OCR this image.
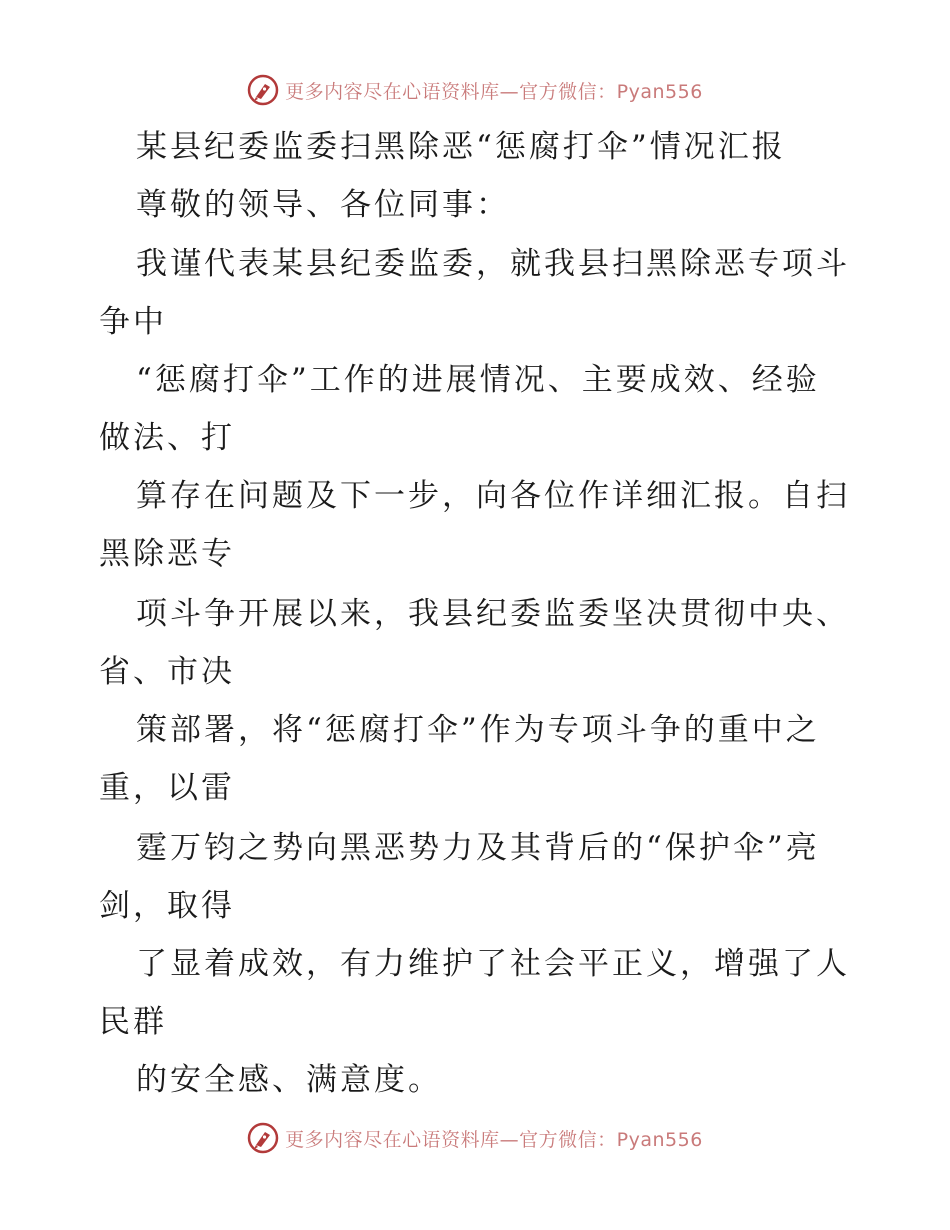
更多内容尽在心语资料库—官方微信：Pyan556
某县纪委监委扫黑除恶“惩腐打伞”情况汇报
尊敬的领导、各位同事：
我谨代表某县纪委监委，就我县扫黑除恶专项斗
争中
“惩腐打伞”工作的进展情况、主要成效、经验
做法、打
算存在问题及下一步，向各位作详细汇报。自扫
黑除恶专
项斗争开展以来，我县纪委监委坚决贯彻中央、
省、市决
策部署，将“惩腐打伞”作为专项斗争的重中之
重，以雷
霆万钧之势向黑恶势力及其背后的“保护伞”亮
剑，取得
了显着成效，有力维护了社会平正义，增强了人
民群
的安全感、满意度。
更多内容尽在心语资料库—官方微信：Pyan556
